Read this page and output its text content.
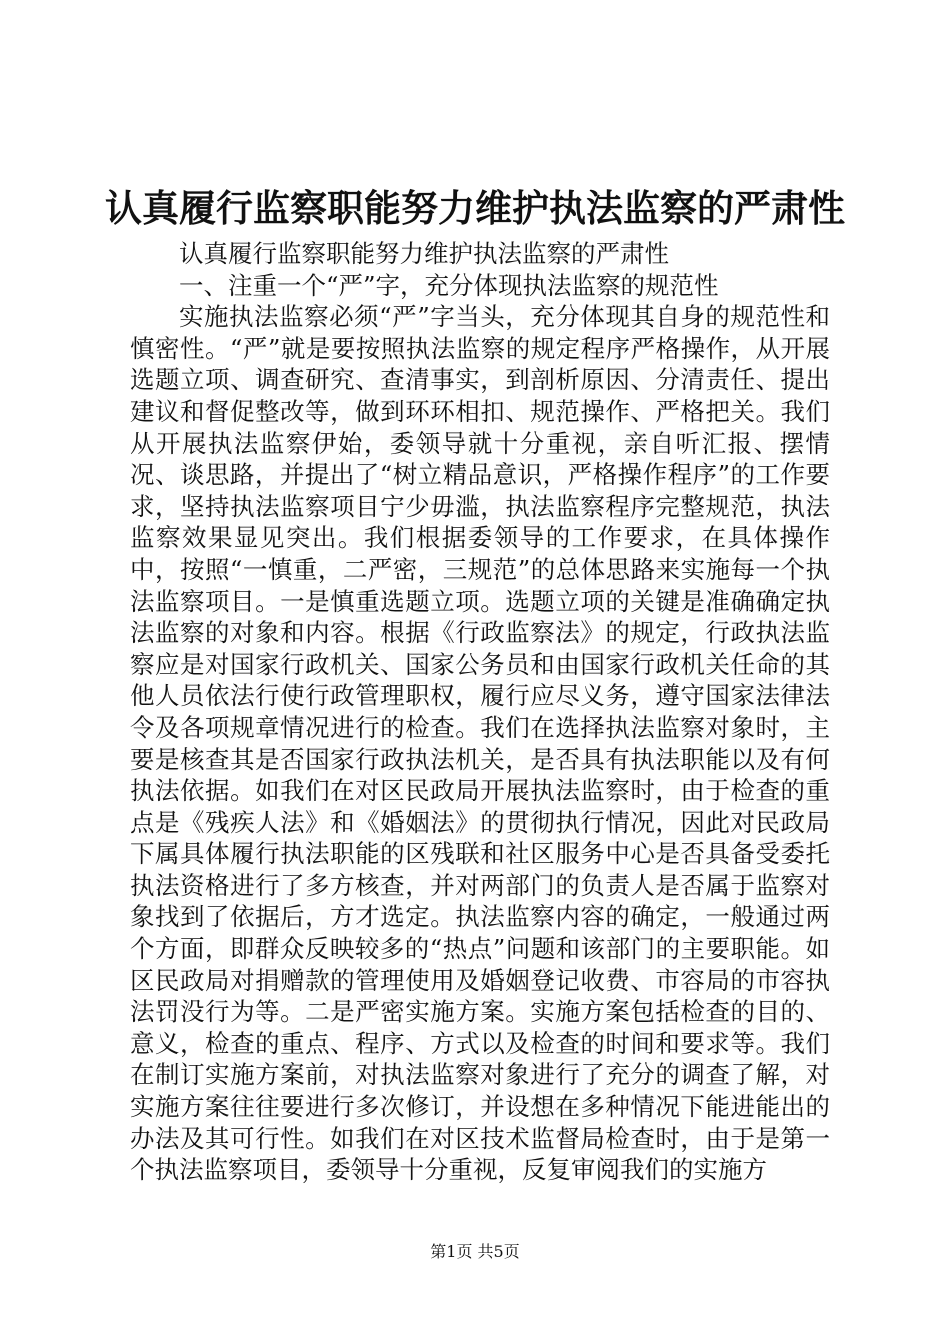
认真履行监察职能努力维护执法监察的严肃性

认真履行监察职能努力维护执法监察的严肃性

一、注重一个“严”字，充分体现执法监察的规范性

实施执法监察必须“严”字当头，充分体现其自身的规范性和慎密性。“严”就是要按照执法监察的规定程序严格操作，从开展选题立项、调查研究、查清事实，到剖析原因、分清责任、提出建议和督促整改等，做到环环相扣、规范操作、严格把关。我们从开展执法监察伊始，委领导就十分重视，亲自听汇报、摆情况、谈思路，并提出了“树立精品意识，严格操作程序”的工作要求，坚持执法监察项目宁少毋滥，执法监察程序完整规范，执法监察效果显见突出。我们根据委领导的工作要求，在具体操作中，按照“一慎重，二严密，三规范”的总体思路来实施每一个执法监察项目。一是慎重选题立项。选题立项的关键是准确确定执法监察的对象和内容。根据《行政监察法》的规定，行政执法监察应是对国家行政机关、国家公务员和由国家行政机关任命的其他人员依法行使行政管理职权，履行应尽义务，遵守国家法律法令及各项规章情况进行的检查。我们在选择执法监察对象时，主要是核查其是否国家行政执法机关，是否具有执法职能以及有何执法依据。如我们在对区民政局开展执法监察时，由于检查的重点是《残疾人法》和《婚姻法》的贯彻执行情况，因此对民政局下属具体履行执法职能的区残联和社区服务中心是否具备受委托执法资格进行了多方核查，并对两部门的负责人是否属于监察对象找到了依据后，方才选定。执法监察内容的确定，一般通过两个方面，即群众反映较多的“热点”问题和该部门的主要职能。如区民政局对捐赠款的管理使用及婚姻登记收费、市容局的市容执法罚没行为等。二是严密实施方案。实施方案包括检查的目的、意义，检查的重点、程序、方式以及检查的时间和要求等。我们在制订实施方案前，对执法监察对象进行了充分的调查了解，对实施方案往往要进行多次修订，并设想在多种情况下能进能出的办法及其可行性。如我们在对区技术监督局检查时，由于是第一个执法监察项目，委领导十分重视，反复审阅我们的实施方

第1页 共5页
